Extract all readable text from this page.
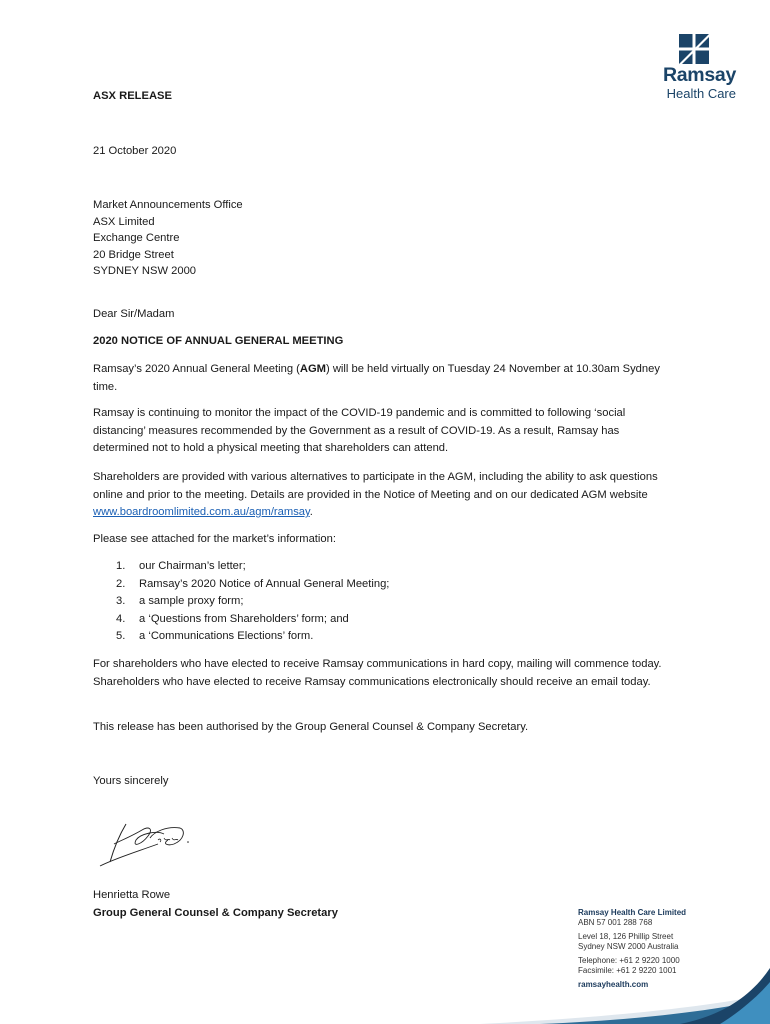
Ramsay
Health Care
ASX RELEASE
21 October 2020
Market Announcements Office
ASX Limited
Exchange Centre
20 Bridge Street
SYDNEY NSW 2000
Dear Sir/Madam
2020 NOTICE OF ANNUAL GENERAL MEETING

Ramsay’s 2020 Annual General Meeting (AGM) will be held virtually on Tuesday 24 November at 10.30am Sydney time.

Ramsay is continuing to monitor the impact of the COVID-19 pandemic and is committed to following ‘social distancing’ measures recommended by the Government as a result of COVID-19. As a result, Ramsay has determined not to hold a physical meeting that shareholders can attend.

Shareholders are provided with various alternatives to participate in the AGM, including the ability to ask questions online and prior to the meeting. Details are provided in the Notice of Meeting and on our dedicated AGM website www.boardroomlimited.com.au/agm/ramsay.

Please see attached for the market’s information:

1. our Chairman’s letter;
2. Ramsay’s 2020 Notice of Annual General Meeting;
3. a sample proxy form;
4. a ‘Questions from Shareholders’ form; and
5. a ‘Communications Elections’ form.

For shareholders who have elected to receive Ramsay communications in hard copy, mailing will commence today. Shareholders who have elected to receive Ramsay communications electronically should receive an email today.

This release has been authorised by the Group General Counsel & Company Secretary.

Yours sincerely
Henrietta Rowe
Group General Counsel & Company Secretary	Ramsay Health Care Limited
ABN 57 001 288 768
Level 18, 126 Phillip Street
Sydney NSW 2000 Australia
Telephone: +61 2 9220 1000
Facsimile: +61 2 9220 1001
ramsayhealth.com
